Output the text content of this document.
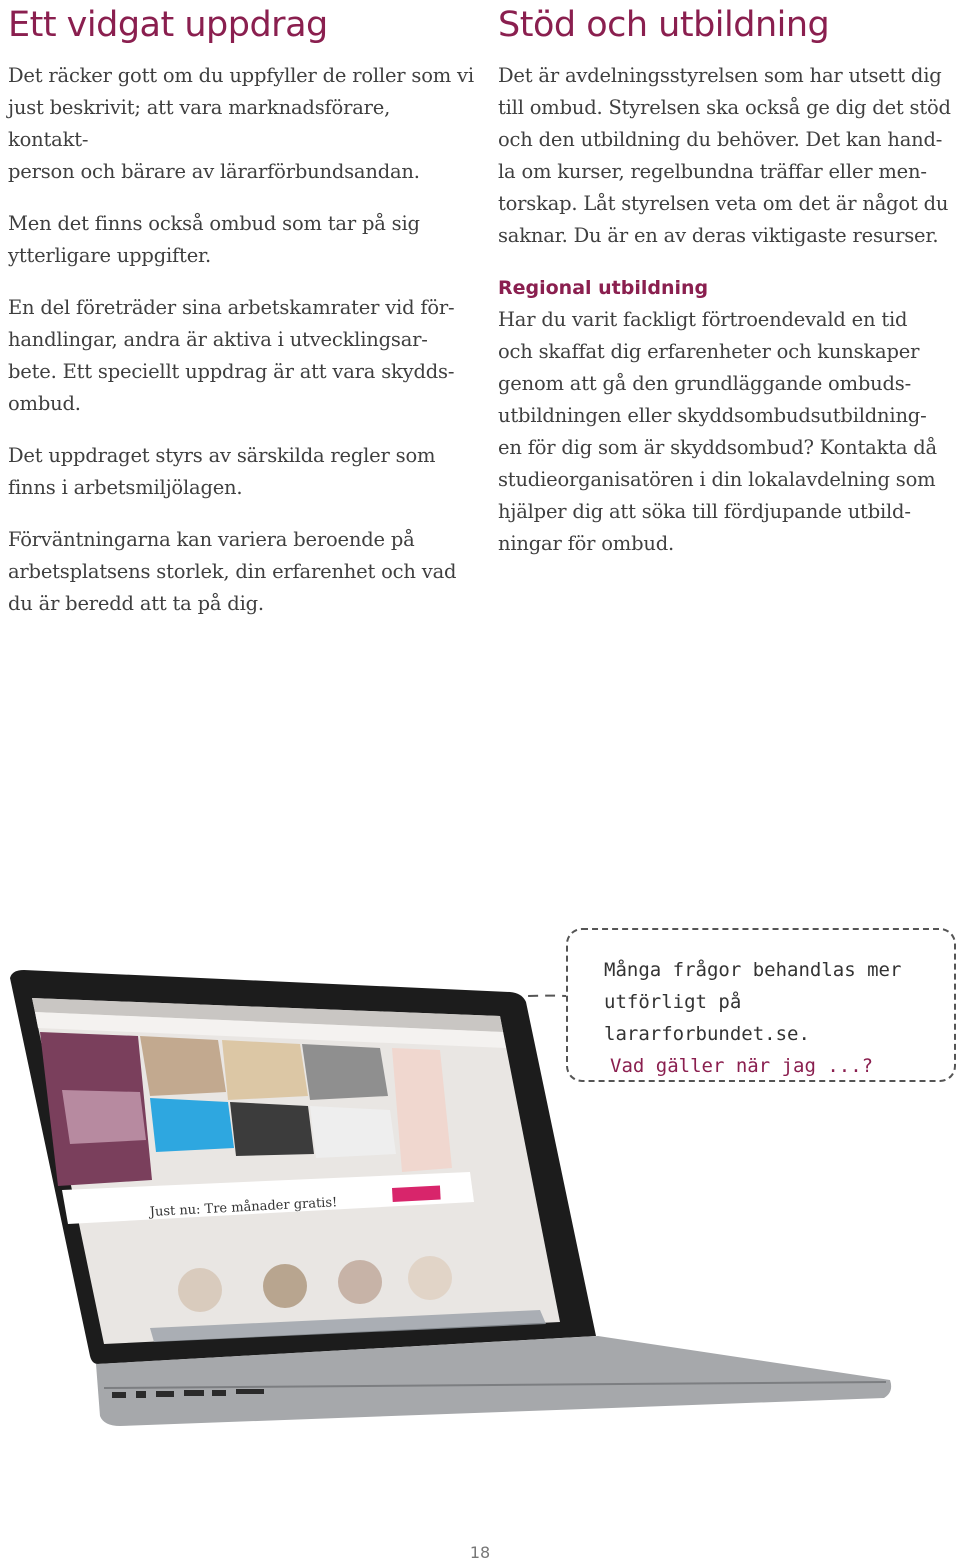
Ett vidgat uppdrag

Det räcker gott om du uppfyller de roller som vi
just beskrivit; att vara marknadsförare, kontakt-
person och bärare av lärarförbundsandan.

Men det finns också ombud som tar på sig
ytterligare uppgifter.

En del företräder sina arbetskamrater vid för-
handlingar, andra är aktiva i utvecklingsar-
bete. Ett speciellt uppdrag är att vara skydds-
ombud.

Det uppdraget styrs av särskilda regler som
finns i arbetsmiljölagen.

Förväntningarna kan variera beroende på
arbetsplatsens storlek, din erfarenhet och vad
du är beredd att ta på dig.

Stöd och utbildning

Det är avdelningsstyrelsen som har utsett dig
till ombud. Styrelsen ska också ge dig det stöd
och den utbildning du behöver. Det kan hand-
la om kurser, regelbundna träffar eller men-
torskap. Låt styrelsen veta om det är något du
saknar. Du är en av deras viktigaste resurser.

Regional utbildning

Har du varit fackligt förtroendevald en tid
och skaffat dig erfarenheter och kunskaper
genom att gå den grundläggande ombuds-
utbildningen eller skyddsombudsutbildning-
en för dig som är skyddsombud? Kontakta då
studieorganisatören i din lokalavdelning som
hjälper dig att söka till fördjupande utbild-
ningar för ombud.

Just nu: Tre månader gratis!
Många frågor behandlas mer
utförligt på lararforbundet.se.
Vad gäller när jag ...?
18
